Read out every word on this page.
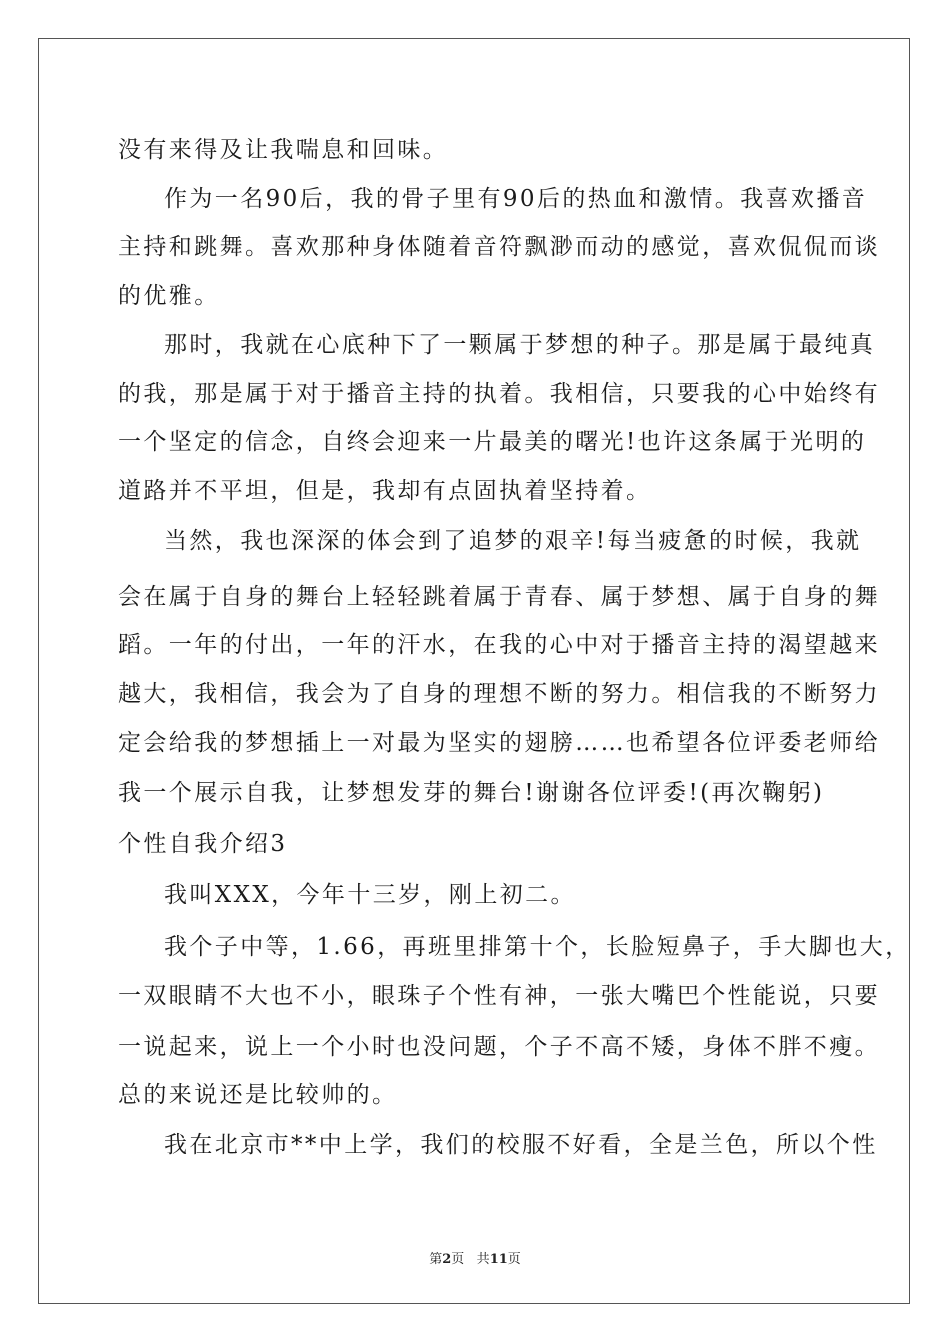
没有来得及让我喘息和回味。
作为一名90后，我的骨子里有90后的热血和激情。我喜欢播音
主持和跳舞。喜欢那种身体随着音符飘渺而动的感觉，喜欢侃侃而谈
的优雅。
那时，我就在心底种下了一颗属于梦想的种子。那是属于最纯真
的我，那是属于对于播音主持的执着。我相信，只要我的心中始终有
一个坚定的信念，自终会迎来一片最美的曙光!也许这条属于光明的
道路并不平坦，但是，我却有点固执着坚持着。
当然，我也深深的体会到了追梦的艰辛!每当疲惫的时候，我就
会在属于自身的舞台上轻轻跳着属于青春、属于梦想、属于自身的舞
蹈。一年的付出，一年的汗水，在我的心中对于播音主持的渴望越来
越大，我相信，我会为了自身的理想不断的努力。相信我的不断努力
定会给我的梦想插上一对最为坚实的翅膀……也希望各位评委老师给
我一个展示自我，让梦想发芽的舞台!谢谢各位评委!(再次鞠躬)
个性自我介绍3
我叫XXX，今年十三岁，刚上初二。
我个子中等，1.66，再班里排第十个，长脸短鼻子，手大脚也大，
一双眼睛不大也不小，眼珠子个性有神，一张大嘴巴个性能说，只要
一说起来，说上一个小时也没问题，个子不高不矮，身体不胖不瘦。
总的来说还是比较帅的。
我在北京市**中上学，我们的校服不好看，全是兰色，所以个性
第2页 共11页
